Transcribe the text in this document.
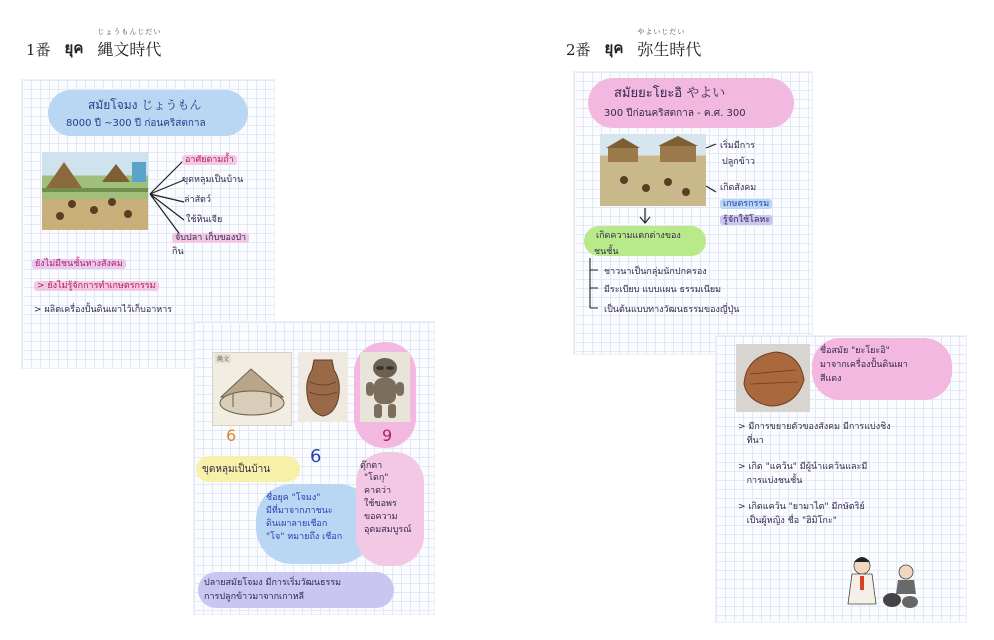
1番 ยุค
じょうもんじだい
縄文時代
สมัยโจมง じょうもん
8000 ปี ~300 ปี ก่อนคริสตกาล
อาศัยตามถ้ำ
ขุดหลุมเป็นบ้าน
ล่าสัตว์
ใช้หินเจีย
จับปลา เก็บของป่า
กิน
ยังไม่มีชนชั้นทางสังคม
> ยังไม่รู้จักการทำเกษตรกรรม
> ผลิตเครื่องปั้นดินเผาไว้เก็บอาหาร
縄文
6
6
9
ขุดหลุมเป็นบ้าน
ชื่อยุค "โจมง"
มีที่มาจากภาชนะ
ดินเผาลายเชือก
"โจ" หมายถึง เชือก
ตุ๊กตา
"โดกุ"
คาดว่า
ใช้ขอพร
ขอความ
อุดมสมบูรณ์
ปลายสมัยโจมง มีการเริ่มวัฒนธรรม
การปลูกข้าวมาจากเกาหลี
2番 ยุค
やよいじだい
弥生時代
สมัยยะโยะอิ やよい
300 ปีก่อนคริสตกาล - ค.ศ. 300
เริ่มมีการ
ปลูกข้าว
เกิดสังคม
เกษตรกรรม
รู้จักใช้โลหะ
เกิดความแตกต่างของ
ชนชั้น
ชาวนาเป็นกลุ่มนักปกครอง
มีระเบียบ แบบแผน ธรรมเนียม
เป็นต้นแบบทางวัฒนธรรมของญี่ปุ่น
ชื่อสมัย "ยะโยะอิ"
มาจากเครื่องปั้นดินเผา
สีแดง
> มีการขยายตัวของสังคม มีการแบ่งชิง
ที่นา
> เกิด "แคว้น" มีผู้นำแคว้นและมี
การแบ่งชนชั้น
> เกิดแคว้น "ยามาไต" มีกษัตริย์
เป็นผู้หญิง ชื่อ "ฮิมิโกะ"
